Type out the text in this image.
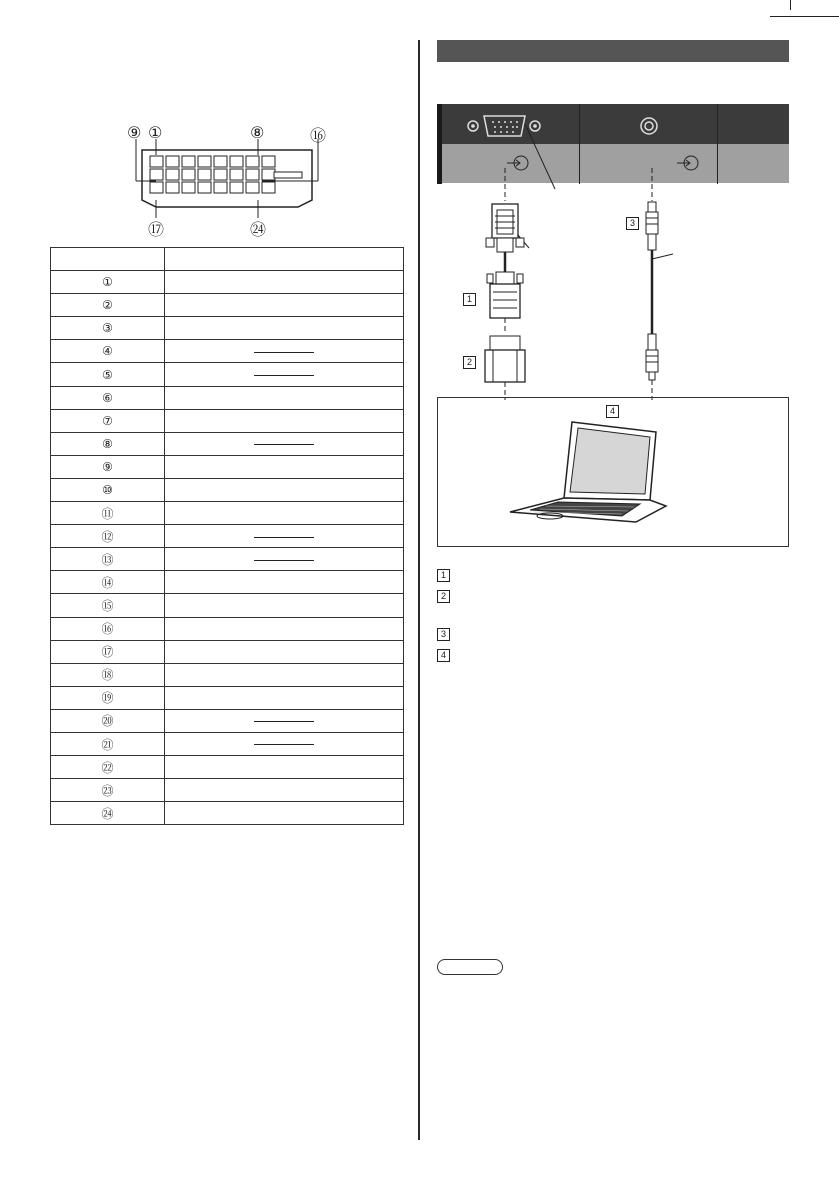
⑨ ①	⑧	⑯
⑰	㉔

①	
②	
③	
④	
⑤	
⑥	
⑦	
⑧	
⑨	
⑩	
⑪	
⑫	
⑬	
⑭	
⑮	
⑯	
⑰	
⑱	
⑲	
⑳	
㉑	
㉒	
㉓	
㉔	
1
2
3
4
1
2
3
4
